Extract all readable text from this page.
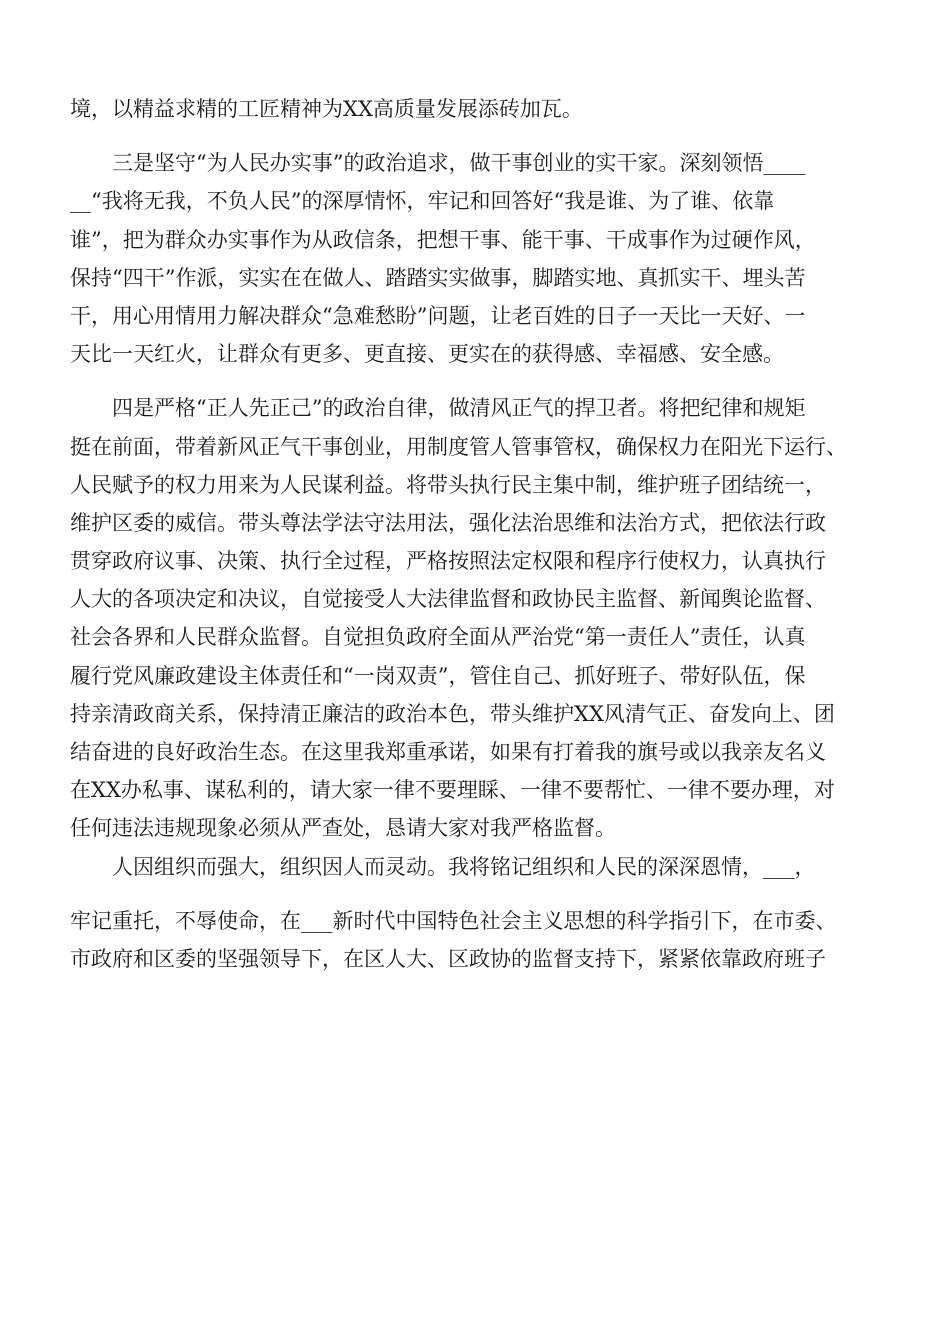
境，以精益求精的工匠精神为XX高质量发展添砖加瓦。
　　三是坚守“为人民办实事”的政治追求，做干事创业的实干家。深刻领悟____
__“我将无我，不负人民”的深厚情怀，牢记和回答好“我是谁、为了谁、依靠
谁”，把为群众办实事作为从政信条，把想干事、能干事、干成事作为过硬作风，
保持“四干”作派，实实在在做人、踏踏实实做事，脚踏实地、真抓实干、埋头苦
干，用心用情用力解决群众“急难愁盼”问题，让老百姓的日子一天比一天好、一
天比一天红火，让群众有更多、更直接、更实在的获得感、幸福感、安全感。
　　四是严格“正人先正己”的政治自律，做清风正气的捍卫者。将把纪律和规矩
挺在前面，带着新风正气干事创业，用制度管人管事管权，确保权力在阳光下运行、
人民赋予的权力用来为人民谋利益。将带头执行民主集中制，维护班子团结统一，
维护区委的威信。带头尊法学法守法用法，强化法治思维和法治方式，把依法行政
贯穿政府议事、决策、执行全过程，严格按照法定权限和程序行使权力，认真执行
人大的各项决定和决议，自觉接受人大法律监督和政协民主监督、新闻舆论监督、
社会各界和人民群众监督。自觉担负政府全面从严治党“第一责任人”责任，认真
履行党风廉政建设主体责任和“一岗双责”，管住自己、抓好班子、带好队伍，保
持亲清政商关系，保持清正廉洁的政治本色，带头维护XX风清气正、奋发向上、团
结奋进的良好政治生态。在这里我郑重承诺，如果有打着我的旗号或以我亲友名义
在XX办私事、谋私利的，请大家一律不要理睬、一律不要帮忙、一律不要办理，对
任何违法违规现象必须从严查处，恳请大家对我严格监督。
　　人因组织而强大，组织因人而灵动。我将铭记组织和人民的深深恩情，___，
牢记重托，不辱使命，在___新时代中国特色社会主义思想的科学指引下，在市委、
市政府和区委的坚强领导下，在区人大、区政协的监督支持下，紧紧依靠政府班子
